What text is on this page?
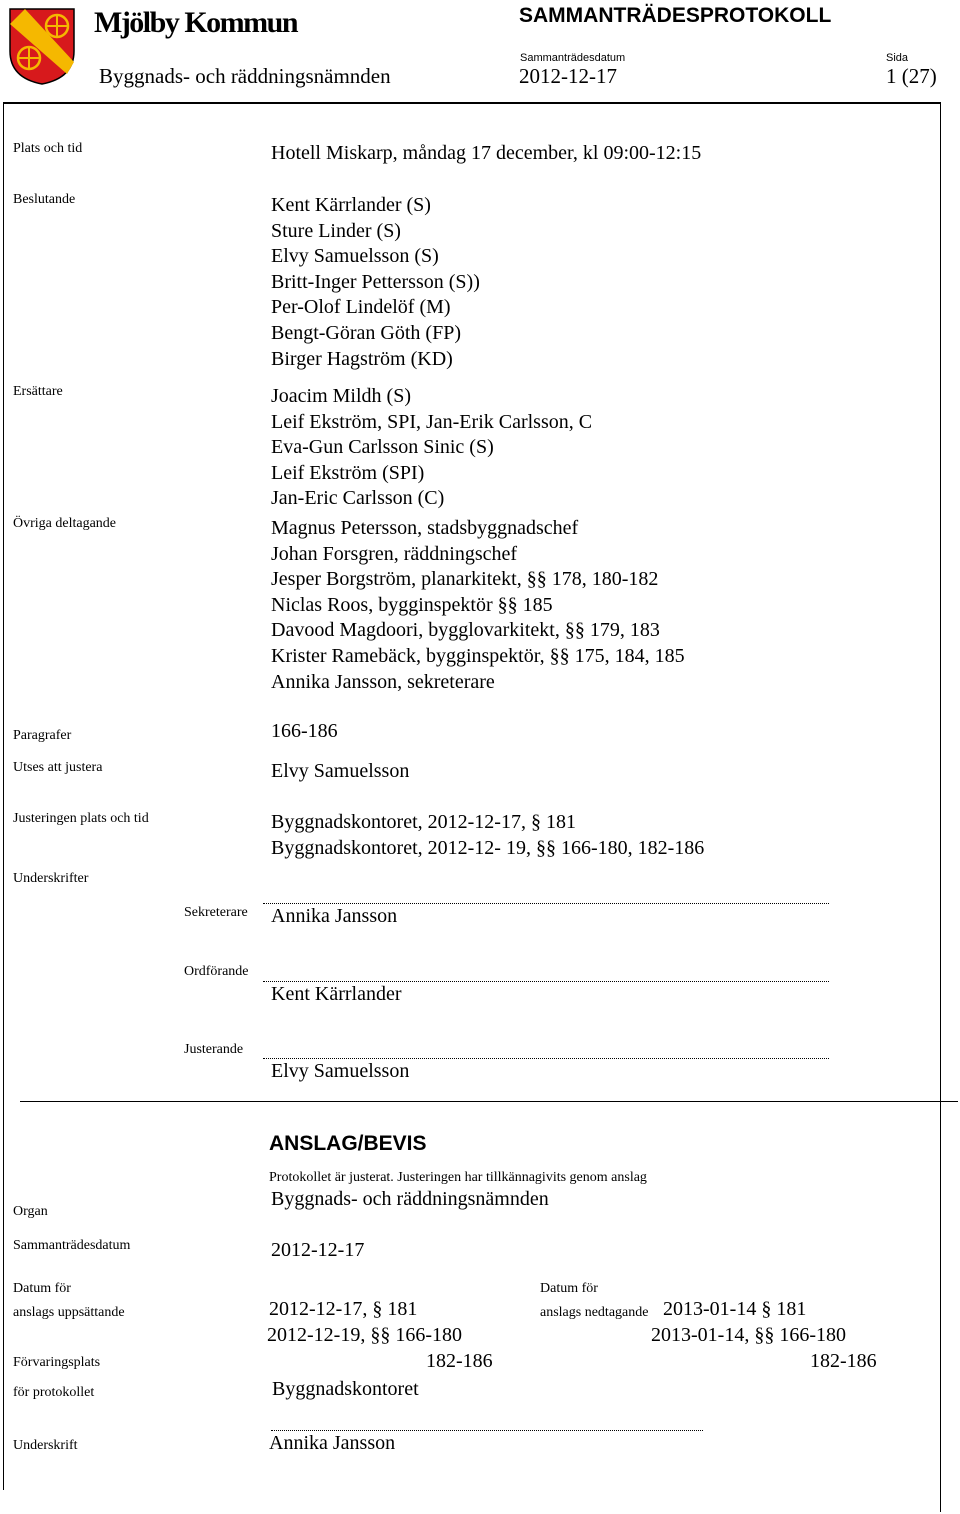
Mjölby Kommun
Byggnads- och räddningsnämnden
SAMMANTRÄDESPROTOKOLL
Sammanträdesdatum
2012-12-17
Sida
1 (27)
Plats och tid	Hotell Miskarp, måndag 17 december, kl 09:00-12:15
Beslutande	Kent Kärrlander (S)
Sture Linder (S)
Elvy Samuelsson (S)
Britt-Inger Pettersson (S))
Per-Olof Lindelöf (M)
Bengt-Göran Göth (FP)
Birger Hagström (KD)
Ersättare	Joacim Mildh (S)
Leif Ekström, SPI, Jan-Erik Carlsson, C
Eva-Gun Carlsson Sinic (S)
Leif Ekström (SPI)
Jan-Eric Carlsson (C)
Övriga deltagande	Magnus Petersson, stadsbyggnadschef
Johan Forsgren, räddningschef
Jesper Borgström, planarkitekt, §§ 178, 180-182
Niclas Roos, bygginspektör §§ 185
Davood Magdoori, bygglovarkitekt, §§ 179, 183
Krister Ramebäck, bygginspektör, §§ 175, 184, 185
Annika Jansson, sekreterare
Paragrafer	166-186
Utses att justera	Elvy Samuelsson
Justeringen plats och tid	Byggnadskontoret, 2012-12-17, § 181
Byggnadskontoret, 2012-12- 19, §§ 166-180, 182-186
Underskrifter
Sekreterare Annika Jansson
Ordförande
Kent Kärrlander
Justerande
Elvy Samuelsson
ANSLAG/BEVIS
Protokollet är justerat. Justeringen har tillkännagivits genom anslag
Organ
Byggnads- och räddningsnämnden
Sammanträdesdatum	2012-12-17
Datum för
anslags uppsättande	2012-12-17, § 181
2012-12-19, §§ 166-180
182-186
Datum för
anslags nedtagande 2013-01-14 § 181
2013-01-14, §§ 166-180
182-186
Förvaringsplats
för protokollet	Byggnadskontoret
Underskrift	Annika Jansson
